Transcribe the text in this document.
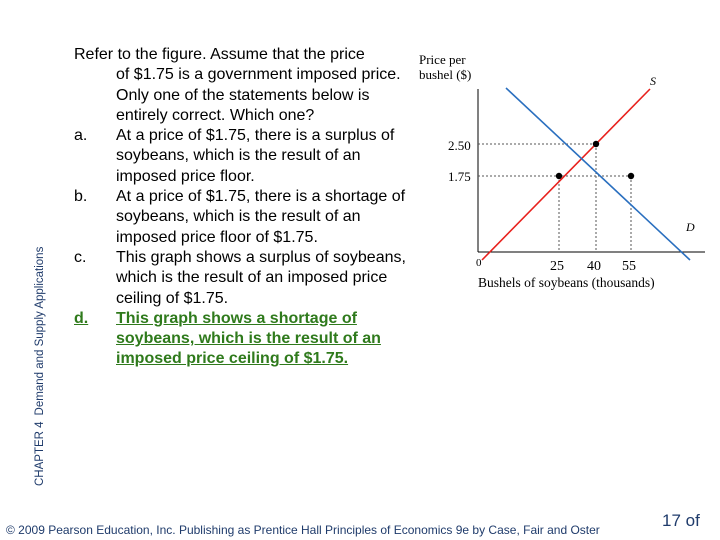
CHAPTER 4Demand and Supply Applications

Refer to the figure. Assume that the price
of $1.75 is a government imposed price. Only one of the statements below is entirely correct. Which one?

a.	At a price of $1.75, there is a surplus of soybeans, which is the result of an imposed price floor.
b.	At a price of $1.75, there is a shortage of soybeans, which is the result of an imposed price floor of $1.75.
c.	This graph shows a surplus of soybeans, which is the result of an imposed price ceiling of $1.75.
d.	This graph shows a shortage of soybeans, which is the result of an imposed price ceiling of $1.75.
Price per
bushel ($)
2.50
1.75
S
D
0	25 40 55
Bushels of soybeans (thousands)
© 2009 Pearson Education, Inc. Publishing as Prentice Hall Principles of Economics 9e by Case, Fair and Oster	17 of
